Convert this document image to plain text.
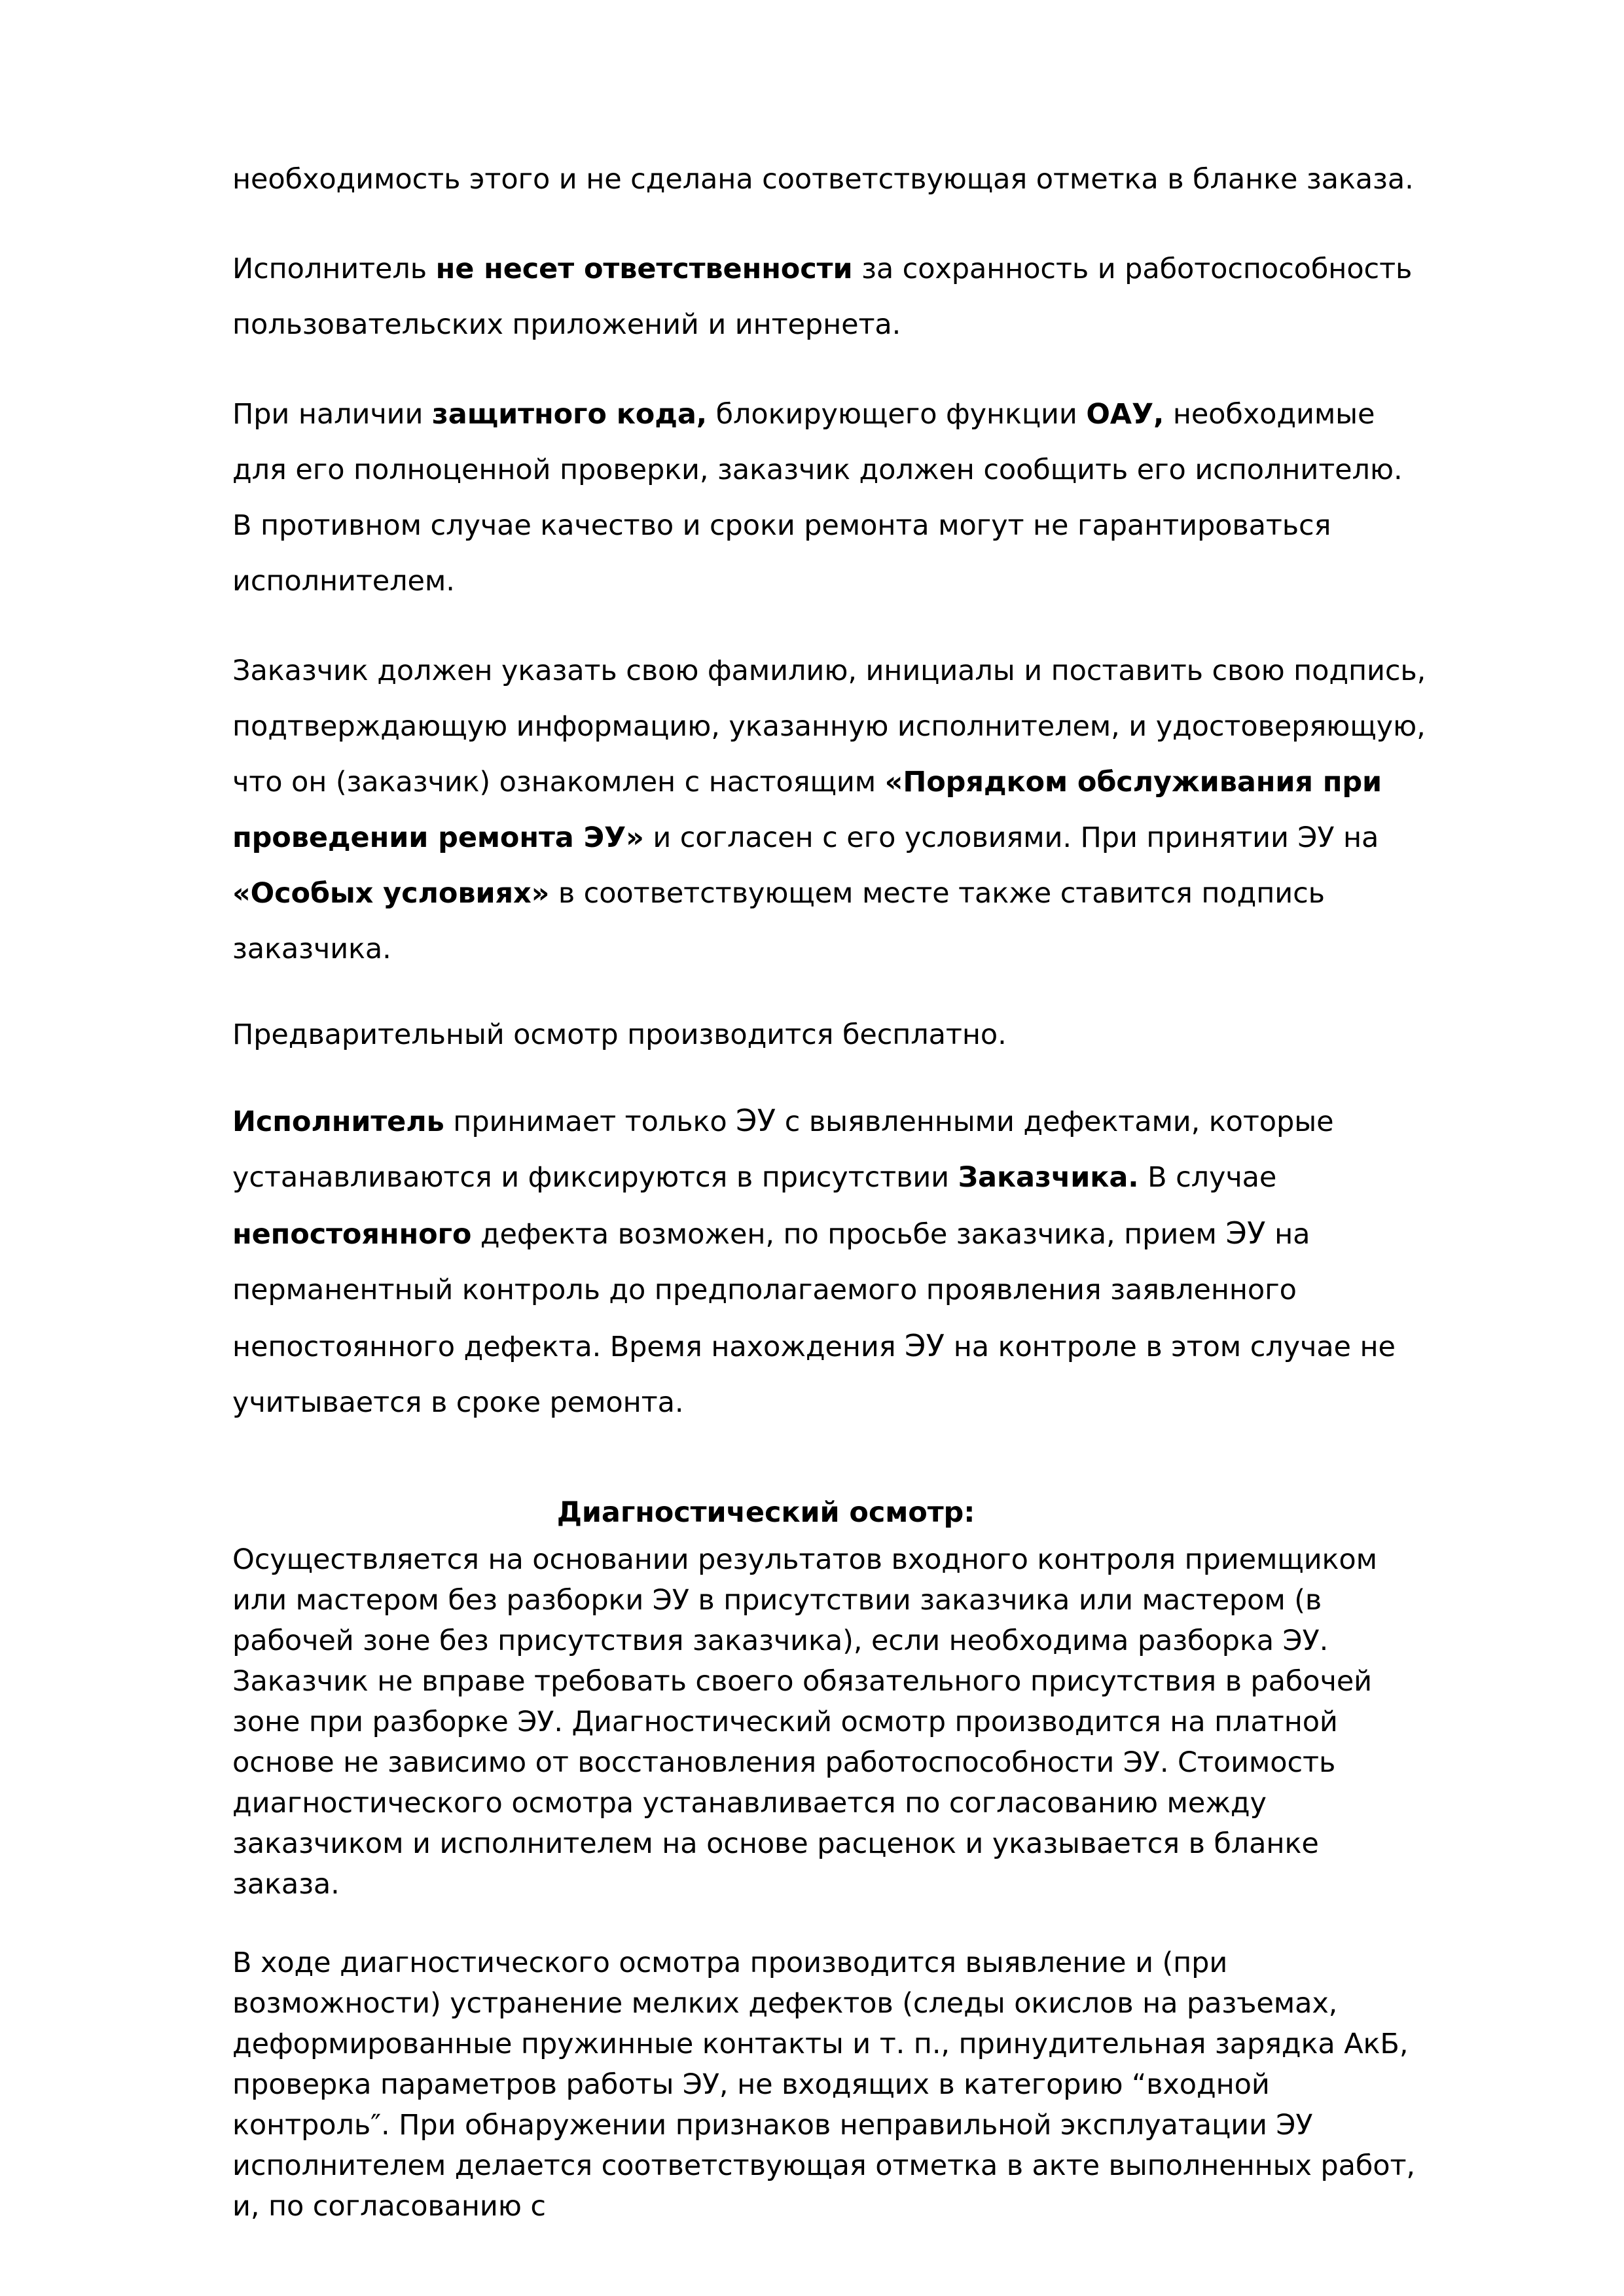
необходимость этого и не сделана соответствующая отметка в бланке заказа.

Исполнитель не несет ответственности за сохранность и работоспособность пользовательских приложений и интернета.

При наличии защитного кода, блокирующего функции ОАУ, необходимые для его полноценной проверки, заказчик должен сообщить его исполнителю. В противном случае качество и сроки ремонта могут не гарантироваться исполнителем.

Заказчик должен указать свою фамилию, инициалы и поставить свою подпись, подтверждающую информацию, указанную исполнителем, и удостоверяющую, что он (заказчик) ознакомлен с настоящим «Порядком обслуживания при проведении ремонта ЭУ» и согласен с его условиями. При принятии ЭУ на «Особых условиях» в соответствующем месте также ставится подпись заказчика.

Предварительный осмотр производится бесплатно.

Исполнитель принимает только ЭУ с выявленными дефектами, которые устанавливаются и фиксируются в присутствии Заказчика. В случае непостоянного дефекта возможен, по просьбе заказчика, прием ЭУ на перманентный контроль до предполагаемого проявления заявленного непостоянного дефекта. Время нахождения ЭУ на контроле в этом случае не учитывается в сроке ремонта.

Диагностический осмотр:

Осуществляется на основании результатов входного контроля приемщиком или мастером без разборки ЭУ в присутствии заказчика или мастером (в рабочей зоне без присутствия заказчика), если необходима разборка ЭУ. Заказчик не вправе требовать своего обязательного присутствия в рабочей зоне при разборке ЭУ. Диагностический осмотр производится на платной основе не зависимо от восстановления работоспособности ЭУ. Стоимость диагностического осмотра устанавливается по согласованию между заказчиком и исполнителем на основе расценок и указывается в бланке заказа.

В ходе диагностического осмотра производится выявление и (при возможности) устранение мелких дефектов (следы окислов на разъемах, деформированные пружинные контакты и т. п., принудительная зарядка АкБ, проверка параметров работы ЭУ, не входящих в категорию “входной контроль″. При обнаружении признаков неправильной эксплуатации ЭУ исполнителем делается соответствующая отметка в акте выполненных работ, и, по согласованию с
